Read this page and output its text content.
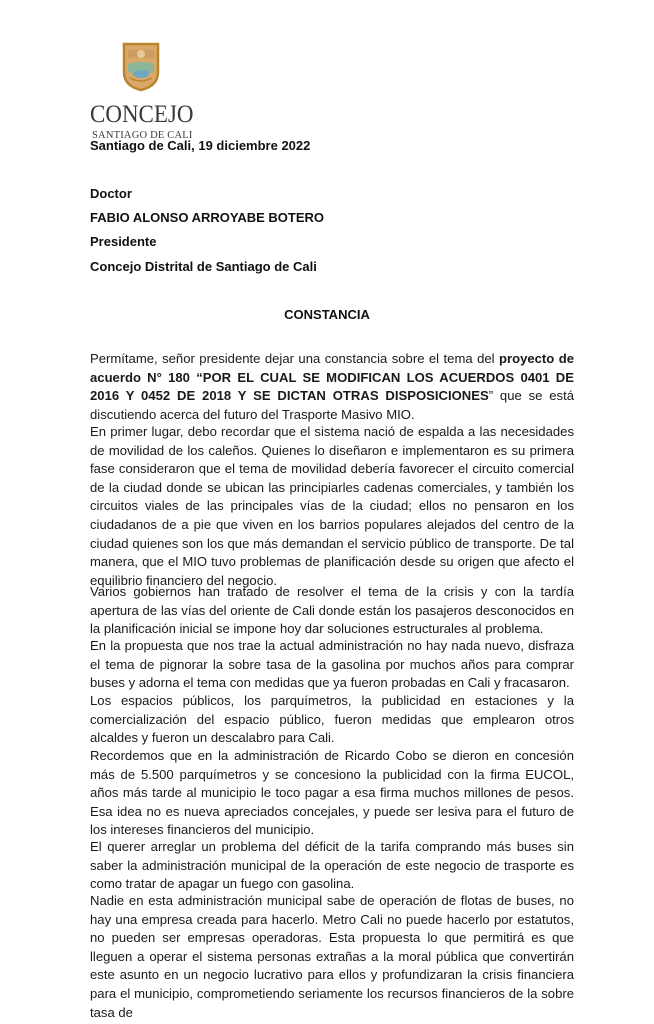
CONCEJO
SANTIAGO DE CALI
Santiago de Cali, 19 diciembre 2022
Doctor
FABIO ALONSO ARROYABE BOTERO
Presidente
Concejo Distrital de Santiago de Cali
CONSTANCIA

Permítame, señor presidente dejar una constancia sobre el tema del proyecto de acuerdo N° 180 “POR EL CUAL SE MODIFICAN LOS ACUERDOS 0401 DE 2016 Y 0452 DE 2018 Y SE DICTAN OTRAS DISPOSICIONES” que se está discutiendo acerca del futuro del Trasporte Masivo MIO.

En primer lugar, debo recordar que el sistema nació de espalda a las necesidades de movilidad de los caleños. Quienes lo diseñaron e implementaron es su primera fase consideraron que el tema de movilidad debería favorecer el circuito comercial de la ciudad donde se ubican las principiarles cadenas comerciales, y también los circuitos viales de las principales vías de la ciudad; ellos no pensaron en los ciudadanos de a pie que viven en los barrios populares alejados del centro de la ciudad quienes son los que más demandan el servicio público de transporte. De tal manera, que el MIO tuvo problemas de planificación desde su origen que afecto el equilibrio financiero del negocio.

Varios gobiernos han tratado de resolver el tema de la crisis y con la tardía apertura de las vías del oriente de Cali donde están los pasajeros desconocidos en la planificación inicial se impone hoy dar soluciones estructurales al problema.

En la propuesta que nos trae la actual administración no hay nada nuevo, disfraza el tema de pignorar la sobre tasa de la gasolina por muchos años para comprar buses y adorna el tema con medidas que ya fueron probadas en Cali y fracasaron.

Los espacios públicos, los parquímetros, la publicidad en estaciones y la comercialización del espacio público, fueron medidas que emplearon otros alcaldes y fueron un descalabro para Cali.

Recordemos que en la administración de Ricardo Cobo se dieron en concesión más de 5.500 parquímetros y se concesiono la publicidad con la firma EUCOL, años más tarde al municipio le toco pagar a esa firma muchos millones de pesos. Esa idea no es nueva apreciados concejales, y puede ser lesiva para el futuro de los intereses financieros del municipio.

El querer arreglar un problema del déficit de la tarifa comprando más buses sin saber la administración municipal de la operación de este negocio de trasporte es como tratar de apagar un fuego con gasolina.

Nadie en esta administración municipal sabe de operación de flotas de buses, no hay una empresa creada para hacerlo. Metro Cali no puede hacerlo por estatutos, no pueden ser empresas operadoras. Esta propuesta lo que permitirá es que lleguen a operar el sistema personas extrañas a la moral pública que convertirán este asunto en un negocio lucrativo para ellos y profundizaran la crisis financiera para el municipio, comprometiendo seriamente los recursos financieros de la sobre tasa de
